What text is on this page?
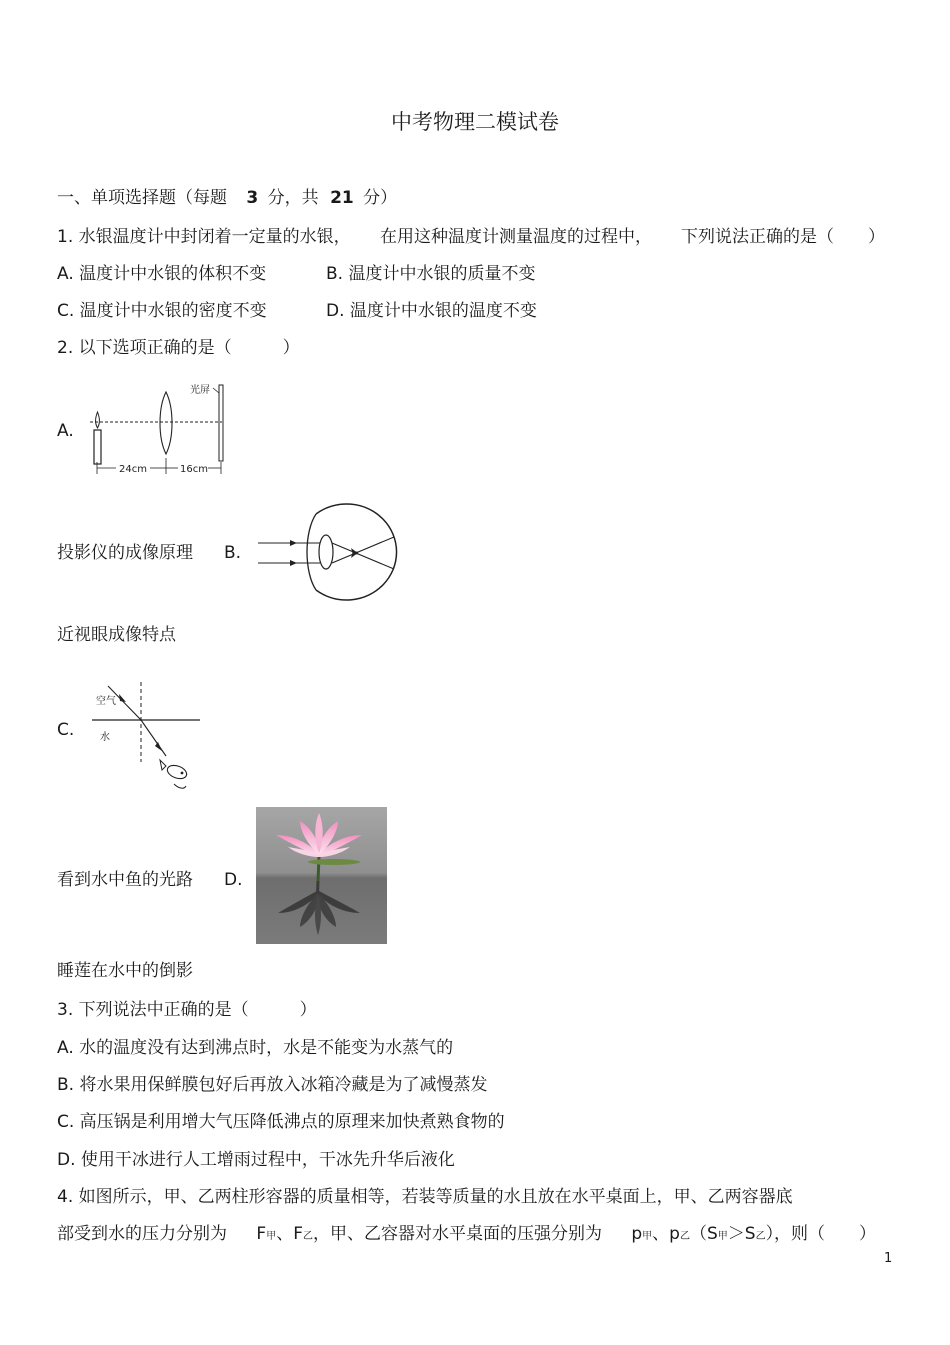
中考物理二模试卷
一、单项选择题（每题 3 分，共 21 分）
1. 水银温度计中封闭着一定量的水银， 在用这种温度计测量温度的过程中， 下列说法正确的是（　　）
A. 温度计中水银的体积不变	B. 温度计中水银的质量不变
C. 温度计中水银的密度不变	D. 温度计中水银的温度不变
2. 以下选项正确的是（　　　）
A.
光屏
24cm	16cm
投影仪的成像原理 B.
近视眼成像特点
C.
空气
水
看到水中鱼的光路 D.
睡莲在水中的倒影
3. 下列说法中正确的是（　　　）
A. 水的温度没有达到沸点时，水是不能变为水蒸气的
B. 将水果用保鲜膜包好后再放入冰箱冷藏是为了减慢蒸发
C. 高压锅是利用增大气压降低沸点的原理来加快煮熟食物的
D. 使用干冰进行人工增雨过程中，干冰先升华后液化
4. 如图所示，甲、乙两柱形容器的质量相等，若装等质量的水且放在水平桌面上，甲、乙两容器底
部受到水的压力分别为 F甲、F乙，甲、乙容器对水平桌面的压强分别为 p甲、p乙（S甲＞S乙），则（　　）
1
